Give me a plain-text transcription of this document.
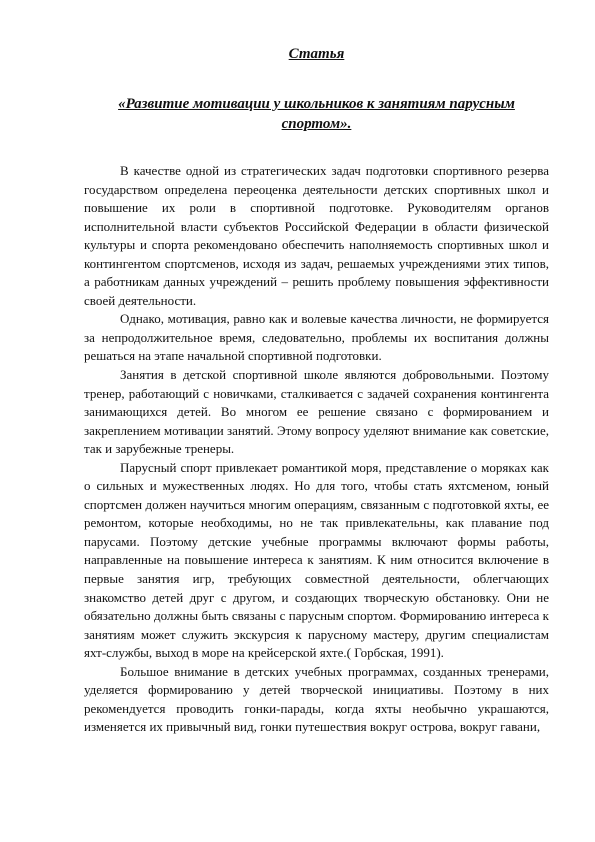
Статья

«Развитие мотивации у школьников к занятиям парусным спортом».

В качестве одной из стратегических задач подготовки спортивного резерва государством определена переоценка деятельности детских спортивных школ и повышение их роли в спортивной подготовке. Руководителям органов исполнительной власти субъектов Российской Федерации в области физической культуры и спорта рекомендовано обеспечить наполняемость спортивных школ и контингентом спортсменов, исходя из задач, решаемых учреждениями этих типов, а работникам данных учреждений – решить проблему повышения эффективности своей деятельности.

Однако, мотивация, равно как и волевые качества личности, не формируется за непродолжительное время, следовательно, проблемы их воспитания должны решаться на этапе начальной спортивной подготовки.

Занятия в детской спортивной школе являются добровольными. Поэтому тренер, работающий с новичками, сталкивается с задачей сохранения контингента занимающихся детей. Во многом ее решение связано с формированием и закреплением мотивации занятий. Этому вопросу уделяют внимание как советские, так и зарубежные тренеры.

Парусный спорт привлекает романтикой моря, представление о моряках как о сильных и мужественных людях. Но для того, чтобы стать яхтсменом, юный спортсмен должен научиться многим операциям, связанным с подготовкой яхты, ее ремонтом, которые необходимы, но не так привлекательны, как плавание под парусами. Поэтому детские учебные программы включают формы работы, направленные на повышение интереса к занятиям. К ним относится включение в первые занятия игр, требующих совместной деятельности, облегчающих знакомство детей друг с другом, и создающих творческую обстановку. Они не обязательно должны быть связаны с парусным спортом. Формированию интереса к занятиям может служить экскурсия к парусному мастеру, другим специалистам яхт-службы, выход в море на крейсерской яхте.( Горбская, 1991).

Большое внимание в детских учебных программах, созданных тренерами, уделяется формированию у детей творческой инициативы. Поэтому в них рекомендуется проводить гонки-парады, когда яхты необычно украшаются, изменяется их привычный вид, гонки путешествия вокруг острова, вокруг гавани,
